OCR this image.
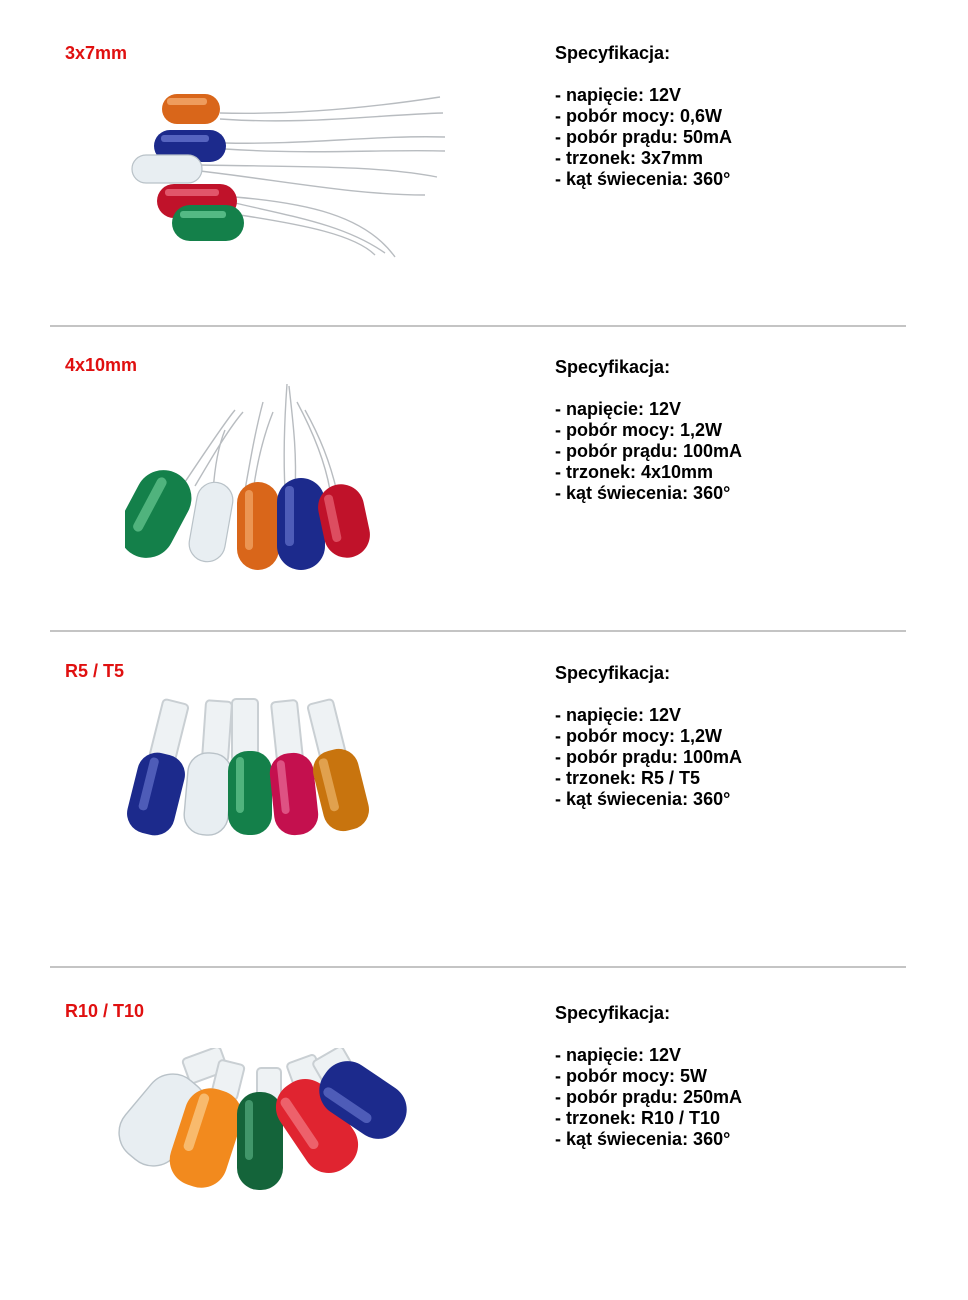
3x7mm	Specyfikacja:

- napięcie: 12V
- pobór mocy: 0,6W
- pobór prądu: 50mA
- trzonek: 3x7mm
- kąt świecenia: 360°
4x10mm	Specyfikacja:

- napięcie: 12V
- pobór mocy: 1,2W
- pobór prądu: 100mA
- trzonek: 4x10mm
- kąt świecenia: 360°
R5 / T5	Specyfikacja:

- napięcie: 12V
- pobór mocy: 1,2W
- pobór prądu: 100mA
- trzonek: R5 / T5
- kąt świecenia: 360°
R10 / T10	Specyfikacja:

- napięcie: 12V
- pobór mocy: 5W
- pobór prądu: 250mA
- trzonek: R10 / T10
- kąt świecenia: 360°
